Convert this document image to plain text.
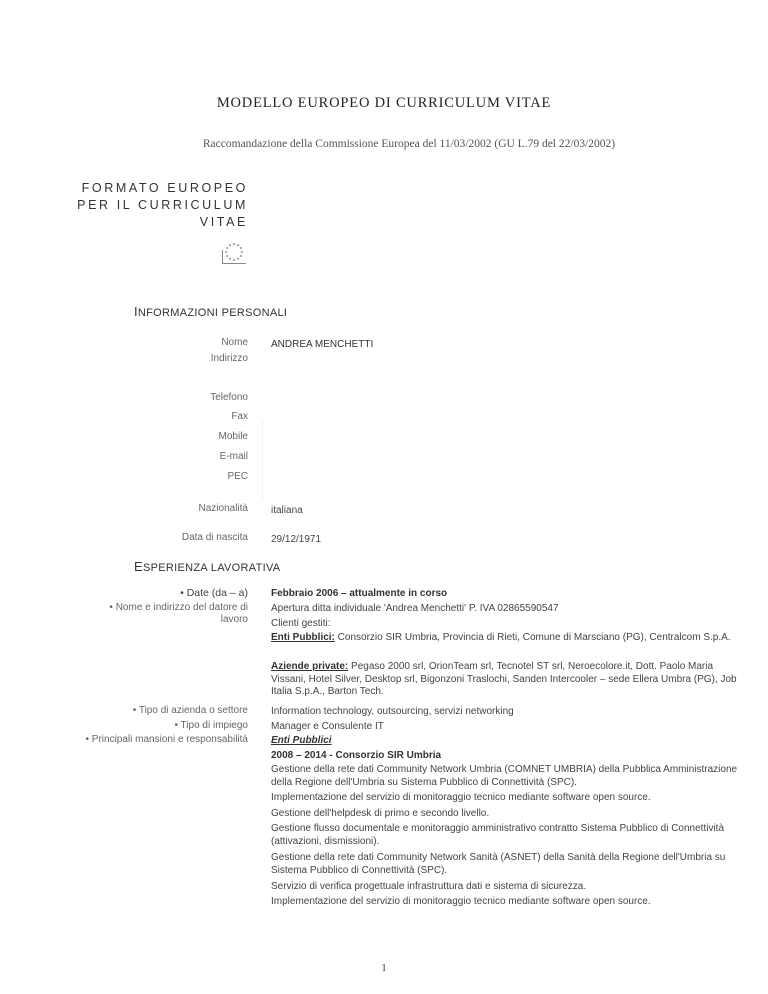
MODELLO EUROPEO DI CURRICULUM VITAE
Raccomandazione della Commissione Europea del 11/03/2002 (GU L.79 del 22/03/2002)
FORMATO EUROPEO
PER IL CURRICULUM
VITAE
INFORMAZIONI PERSONALI
Nome ANDREA MENCHETTI
Indirizzo
Telefono
Fax
Mobile
E-mail
PEC
Nazionalità italiana
Data di nascita 29/12/1971
ESPERIENZA LAVORATIVA
• Date (da – a) Febbraio 2006 – attualmente in corso
• Nome e indirizzo del datore di
lavoro
Apertura ditta individuale 'Andrea Menchetti' P. IVA 02865590547
Clienti gestiti:
Enti Pubblici: Consorzio SIR Umbria, Provincia di Rieti, Comune di Marsciano (PG), Centralcom S.p.A.
Aziende private: Pegaso 2000 srl, OrionTeam srl, Tecnotel ST srl, Neroecolore.it, Dott. Paolo Maria Vissani, Hotel Silver, Desktop srl, Bigonzoni Traslochi, Sanden Intercooler – sede Ellera Umbra (PG), Job Italia S.p.A., Barton Tech.
• Tipo di azienda o settore Information technology, outsourcing, servizi networking
• Tipo di impiego Manager e Consulente IT
• Principali mansioni e responsabilità Enti Pubblici
2008 – 2014 - Consorzio SIR Umbria
Gestione della rete dati Community Network Umbria (COMNET UMBRIA) della Pubblica Amministrazione della Regione dell'Umbria su Sistema Pubblico di Connettività (SPC).
Implementazione del servizio di monitoraggio tecnico mediante software open source.
Gestione dell'helpdesk di primo e secondo livello.
Gestione flusso documentale e monitoraggio amministrativo contratto Sistema Pubblico di Connettività (attivazioni, dismissioni).
Gestione della rete dati Community Network Sanità (ASNET) della Sanità della Regione dell'Umbria su Sistema Pubblico di Connettività (SPC).
Servizio di verifica progettuale infrastruttura dati e sistema di sicurezza.
Implementazione del servizio di monitoraggio tecnico mediante software open source.
1
